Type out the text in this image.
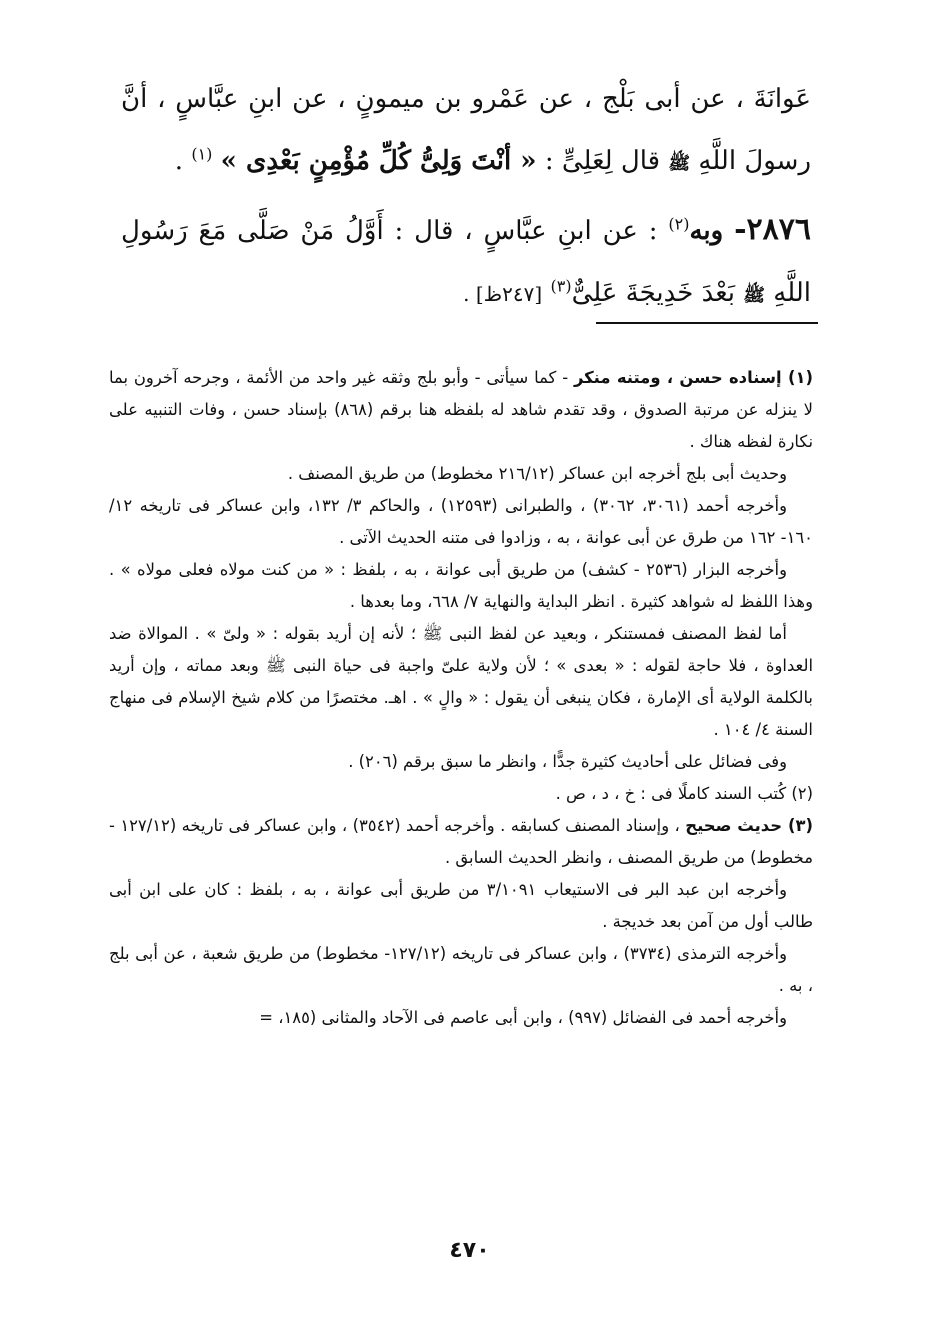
عَوانَةَ ، عن أبى بَلْج ، عن عَمْرو بن ميمونٍ ، عن ابنِ عبَّاسٍ ، أنَّ رسولَ اللَّهِ ﷺ قال لِعَلِىٍّ : « أنْتَ وَلِىُّ كُلِّ مُؤْمِنٍ بَعْدِى » $^{(١)}$ .

٢٨٧٦- وبه$^{(٢)}$ : عن ابنِ عبَّاسٍ ، قال : أَوَّلُ مَنْ صَلَّى مَعَ رَسُولِ اللَّهِ ﷺ بَعْدَ خَدِيجَةَ عَلِىٌّ$^{(٣)}$ [٢٤٧ظ] .

(١) إسناده حسن ، ومتنه منكر - كما سيأتى - وأبو بلج وثقه غير واحد من الأئمة ، وجرحه آخرون بما لا ينزله عن مرتبة الصدوق ، وقد تقدم شاهد له بلفظه هنا برقم (٨٦٨) بإسناد حسن ، وفات التنبيه على نكارة لفظه هناك .

وحديث أبى بلج أخرجه ابن عساكر (٢١٦/١٢ مخطوط) من طريق المصنف .

وأخرجه أحمد (٣٠٦١، ٣٠٦٢) ، والطبرانى (١٢٥٩٣) ، والحاكم ٣/ ١٣٢، وابن عساكر فى تاريخه ١٢/ ١٦٠- ١٦٢ من طرق عن أبى عوانة ، به ، وزادوا فى متنه الحديث الآتى .

وأخرجه البزار (٢٥٣٦ - كشف) من طريق أبى عوانة ، به ، بلفظ : « من كنت مولاه فعلى مولاه » . وهذا اللفظ له شواهد كثيرة . انظر البداية والنهاية ٧/ ٦٦٨، وما بعدها .

أما لفظ المصنف فمستنكر ، وبعيد عن لفظ النبى ﷺ ؛ لأنه إن أريد بقوله : « ولىّ » . الموالاة ضد العداوة ، فلا حاجة لقوله : « بعدى » ؛ لأن ولاية علىّ واجبة فى حياة النبى ﷺ وبعد مماته ، وإن أريد بالكلمة الولاية أى الإمارة ، فكان ينبغى أن يقول : « والٍ » . اهـ. مختصرًا من كلام شيخ الإسلام فى منهاج السنة ٤/ ١٠٤ .

وفى فضائل على أحاديث كثيرة جدًّا ، وانظر ما سبق برقم (٢٠٦) .

(٢) كُتب السند كاملًا فى : خ ، د ، ص .

(٣) حديث صحيح ، وإسناد المصنف كسابقه . وأخرجه أحمد (٣٥٤٢) ، وابن عساكر فى تاريخه (١٢٧/١٢ - مخطوط) من طريق المصنف ، وانظر الحديث السابق .

وأخرجه ابن عبد البر فى الاستيعاب ٣/١٠٩١ من طريق أبى عوانة ، به ، بلفظ : كان على ابن أبى طالب أول من آمن بعد خديجة .

وأخرجه الترمذى (٣٧٣٤) ، وابن عساكر فى تاريخه (١٢٧/١٢- مخطوط) من طريق شعبة ، عن أبى بلج ، به .

وأخرجه أحمد فى الفضائل (٩٩٧) ، وابن أبى عاصم فى الآحاد والمثانى (١٨٥، =

٤٧٠
